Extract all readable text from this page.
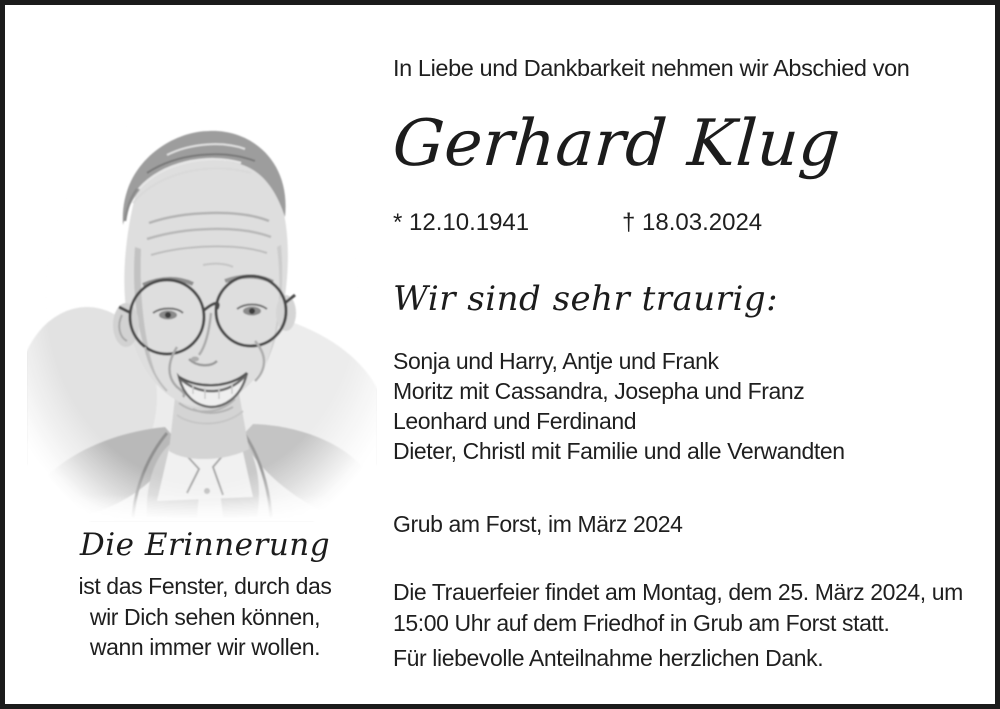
In Liebe und Dankbarkeit nehmen wir Abschied von
Gerhard Klug
* 12.10.1941	† 18.03.2024
Wir sind sehr traurig:
Sonja und Harry, Antje und Frank
Moritz mit Cassandra, Josepha und Franz
Leonhard und Ferdinand
Dieter, Christl mit Familie und alle Verwandten
Grub am Forst, im März 2024
Die Trauerfeier findet am Montag, dem 25. März 2024, um 15:00 Uhr auf dem Friedhof in Grub am Forst statt.
Für liebevolle Anteilnahme herzlichen Dank.
Die Erinnerung
ist das Fenster, durch das
wir Dich sehen können,
wann immer wir wollen.
